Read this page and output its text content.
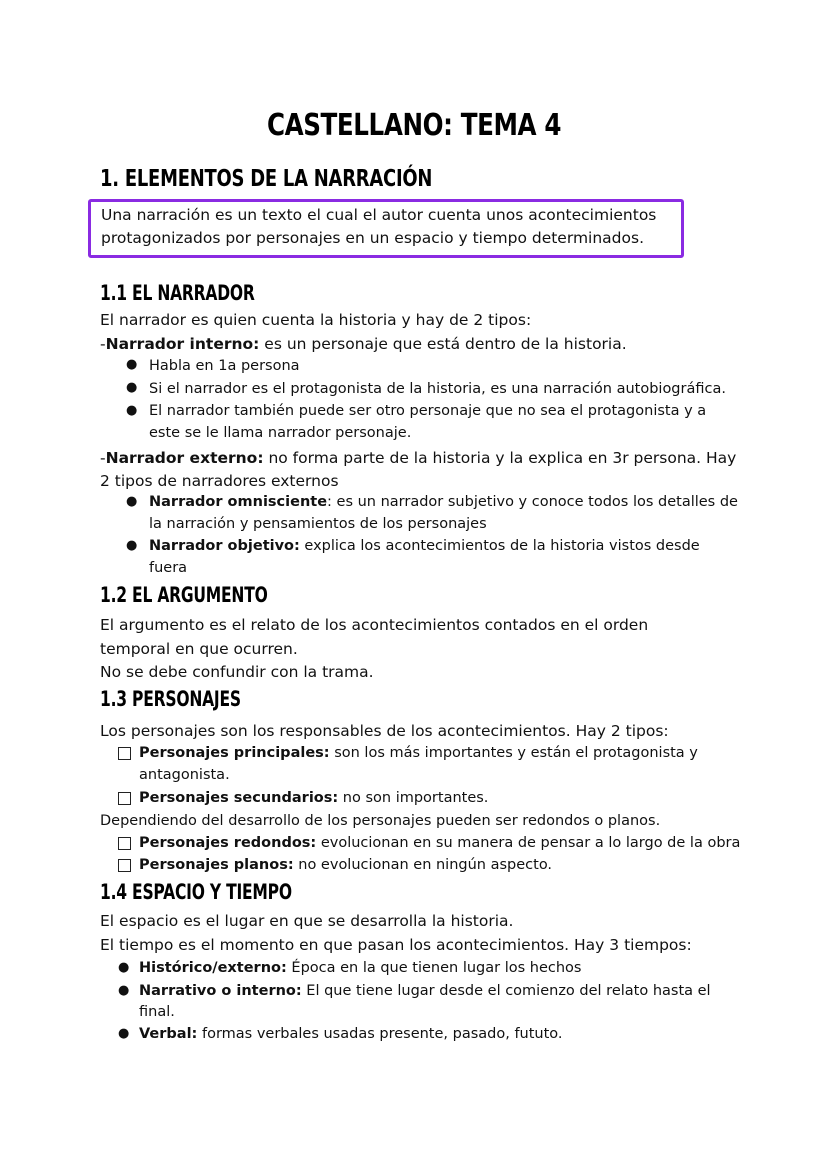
CASTELLANO: TEMA 4
1. ELEMENTOS DE LA NARRACIÓN

Una narración es un texto el cual el autor cuenta unos acontecimientos

protagonizados por personajes en un espacio y tiempo determinados.

1.1 EL NARRADOR
El narrador es quien cuenta la historia y hay de 2 tipos:
-Narrador interno: es un personaje que está dentro de la historia.
● Habla en 1a persona
● Si el narrador es el protagonista de la historia, es una narración autobiográfica.
● El narrador también puede ser otro personaje que no sea el protagonista y a
este se le llama narrador personaje.
-Narrador externo: no forma parte de la historia y la explica en 3r persona. Hay
2 tipos de narradores externos
● Narrador omnisciente: es un narrador subjetivo y conoce todos los detalles de
la narración y pensamientos de los personajes
● Narrador objetivo: explica los acontecimientos de la historia vistos desde
fuera
1.2 EL ARGUMENTO
El argumento es el relato de los acontecimientos contados en el orden
temporal en que ocurren.
No se debe confundir con la trama.
1.3 PERSONAJES
Los personajes son los responsables de los acontecimientos. Hay 2 tipos:
Personajes principales: son los más importantes y están el protagonista y
antagonista.
Personajes secundarios: no son importantes.
Dependiendo del desarrollo de los personajes pueden ser redondos o planos.
Personajes redondos: evolucionan en su manera de pensar a lo largo de la obra
Personajes planos: no evolucionan en ningún aspecto.
1.4 ESPACIO Y TIEMPO
El espacio es el lugar en que se desarrolla la historia.
El tiempo es el momento en que pasan los acontecimientos. Hay 3 tiempos:
● Histórico/externo: Época en la que tienen lugar los hechos
● Narrativo o interno: El que tiene lugar desde el comienzo del relato hasta el
final.
● Verbal: formas verbales usadas presente, pasado, fututo.
